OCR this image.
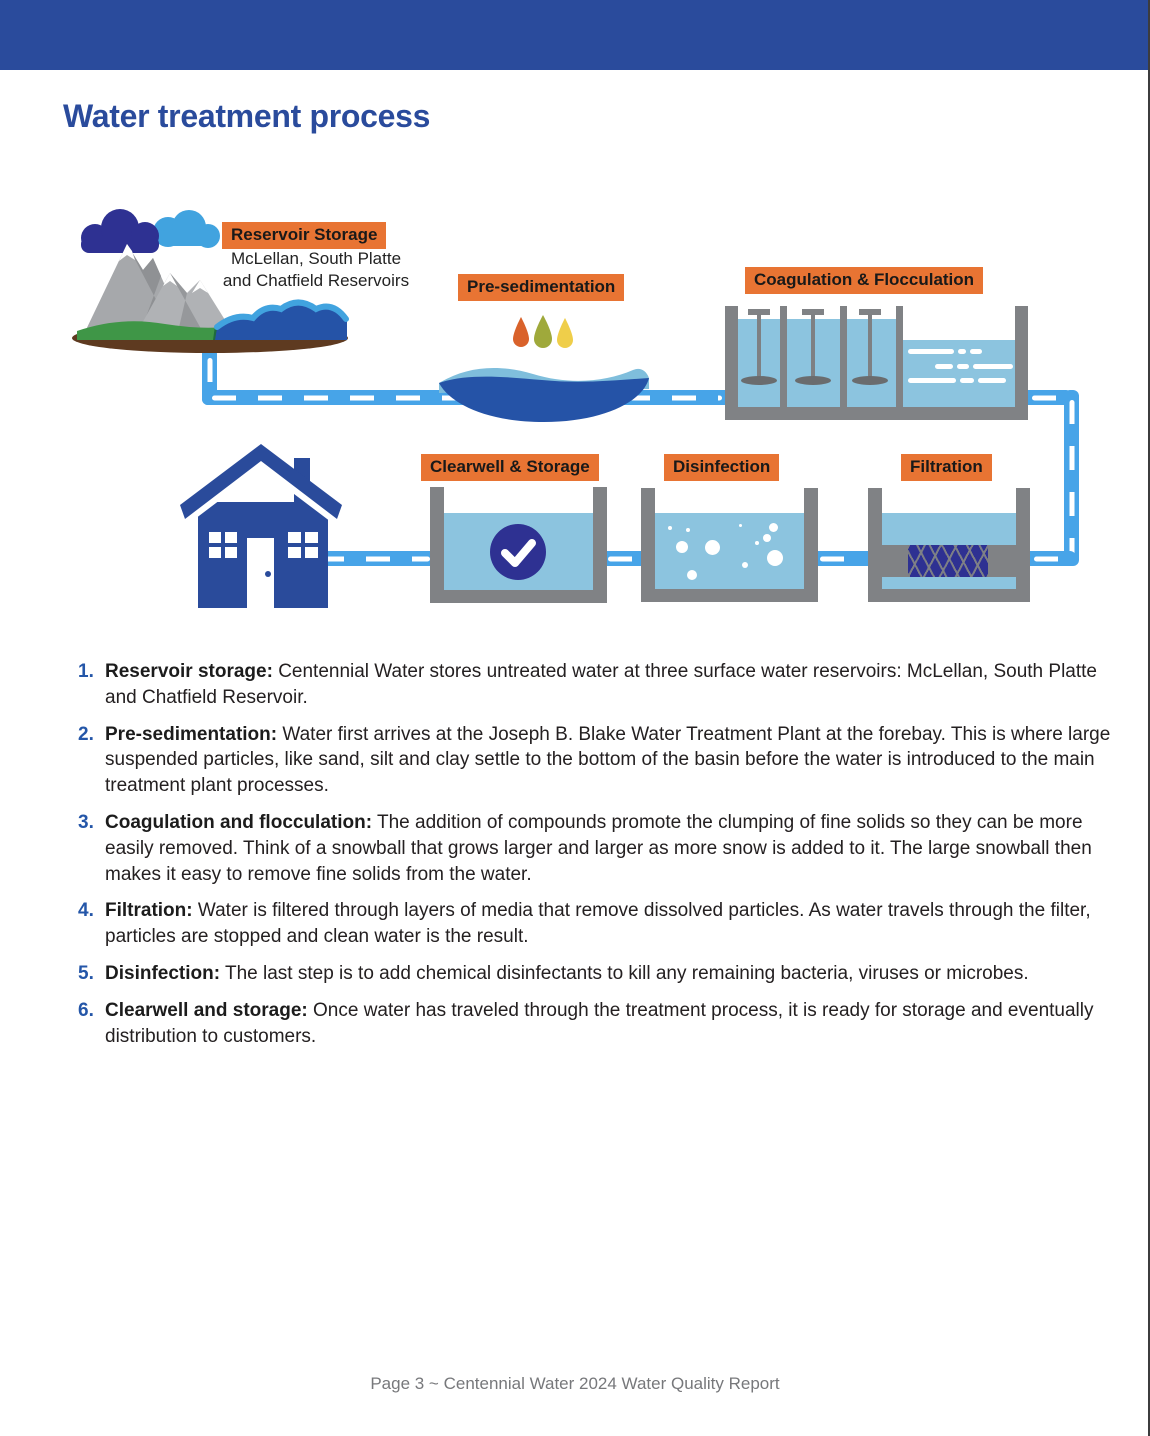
Water treatment process
Reservoir Storage
McLellan, South Platte
and Chatfield Reservoirs	Pre-sedimentation	Coagulation & Flocculation
Clearwell & Storage	Disinfection	Filtration
1. Reservoir storage: Centennial Water stores untreated water at three surface water reservoirs: McLellan, South Platte and Chatfield Reservoir.
2. Pre-sedimentation: Water first arrives at the Joseph B. Blake Water Treatment Plant at the forebay. This is where large suspended particles, like sand, silt and clay settle to the bottom of the basin before the water is introduced to the main treatment plant processes.
3. Coagulation and flocculation: The addition of compounds promote the clumping of fine solids so they can be more easily removed. Think of a snowball that grows larger and larger as more snow is added to it. The large snowball then makes it easy to remove fine solids from the water.
4. Filtration: Water is filtered through layers of media that remove dissolved particles. As water travels through the filter, particles are stopped and clean water is the result.
5. Disinfection: The last step is to add chemical disinfectants to kill any remaining bacteria, viruses or microbes.
6. Clearwell and storage: Once water has traveled through the treatment process, it is ready for storage and eventually distribution to customers.
Page 3 ~ Centennial Water 2024 Water Quality Report
